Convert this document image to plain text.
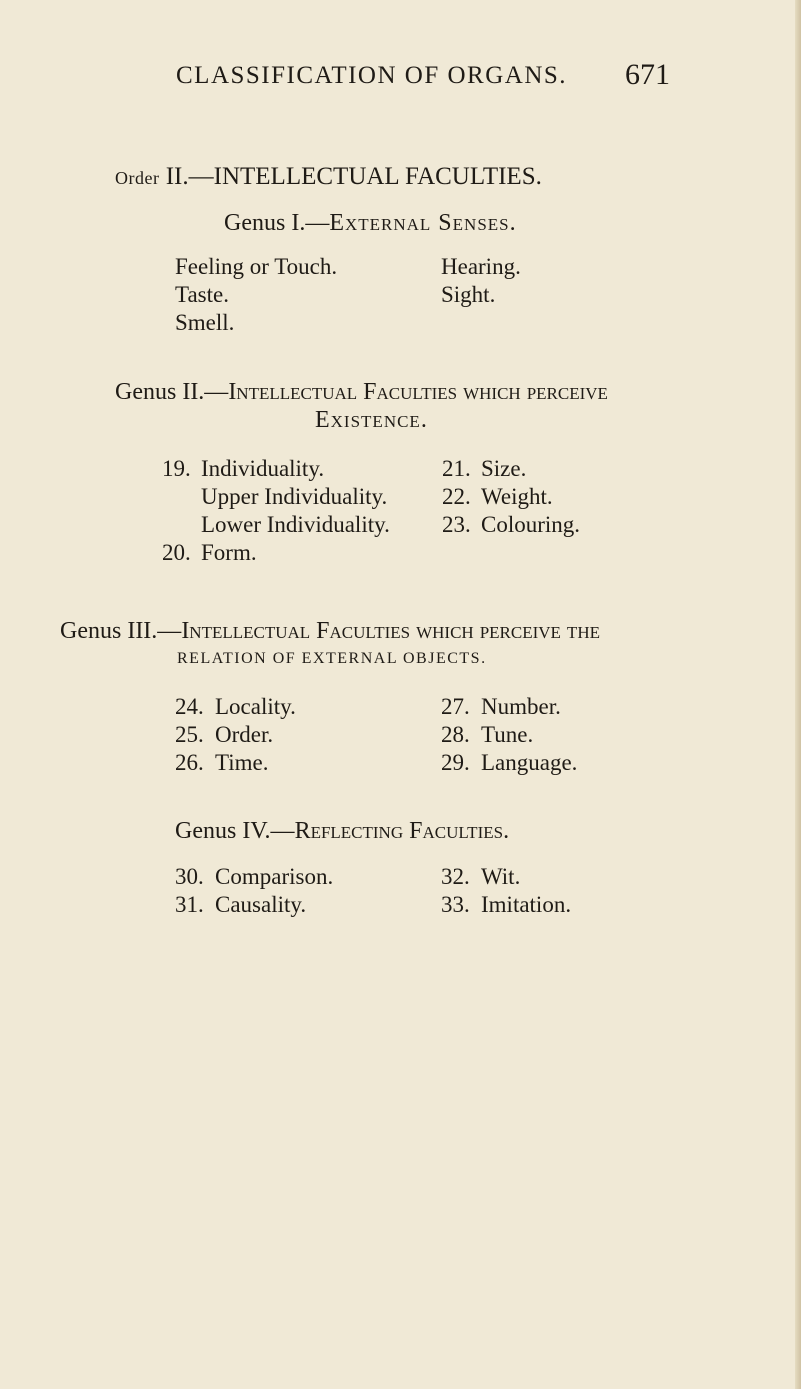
CLASSIFICATION OF ORGANS. 671
Order II.—INTELLECTUAL FACULTIES.
Genus I.—External Senses.
Feeling or Touch.
Taste.
Smell.
Hearing.
Sight.
Genus II.—Intellectual Faculties which perceive
Existence.
19. Individuality.
Upper Individuality.
Lower Individuality.
20. Form.
21. Size.
22. Weight.
23. Colouring.
Genus III.—Intellectual Faculties which perceive the
RELATION OF EXTERNAL OBJECTS.
24. Locality.
25. Order.
26. Time.
27. Number.
28. Tune.
29. Language.
Genus IV.—Reflecting Faculties.
30. Comparison.
31. Causality.
32. Wit.
33. Imitation.
